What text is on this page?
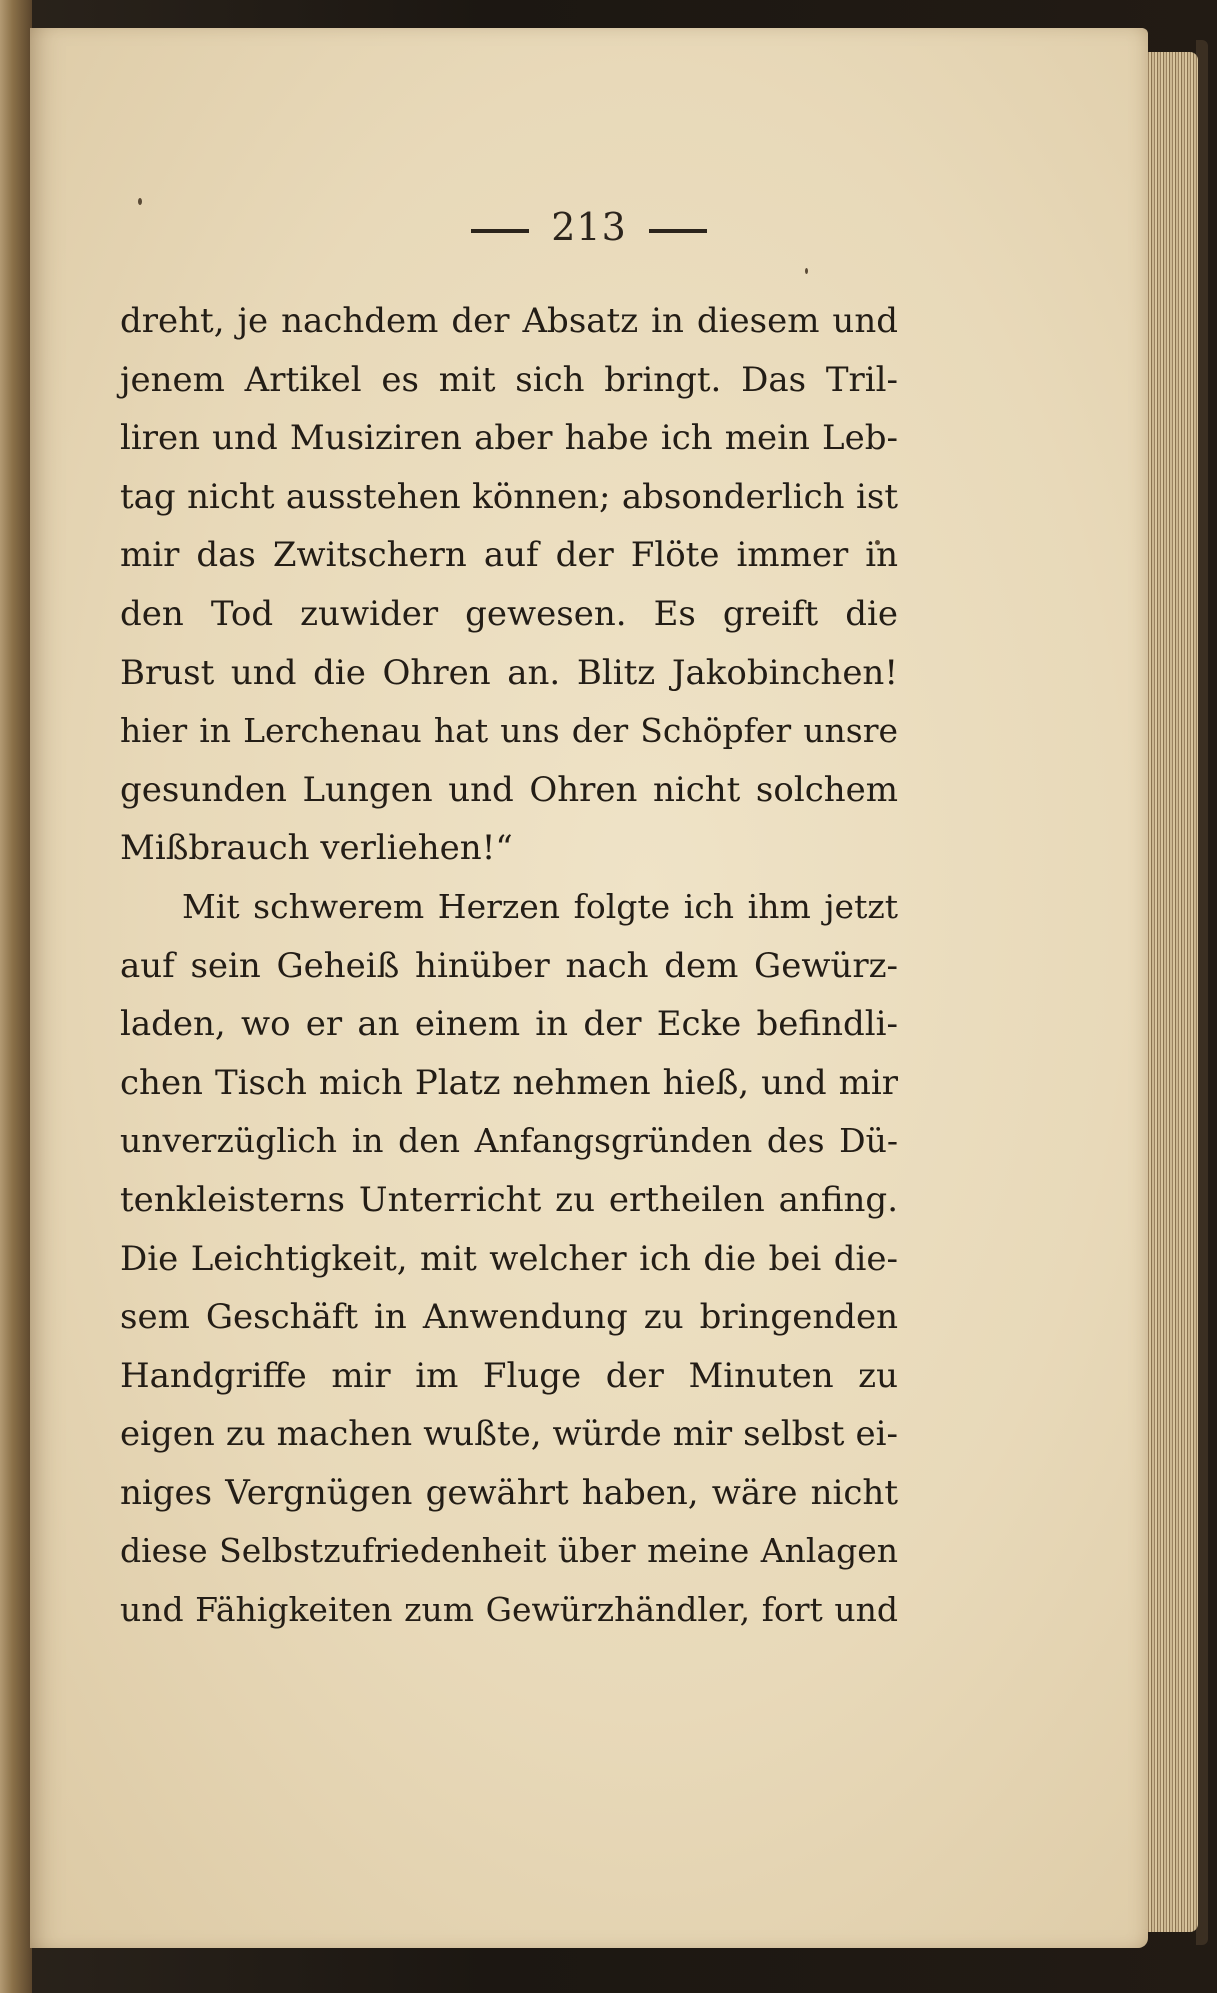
213
dreht, je nachdem der Absatz in diesem und
jenem Artikel es mit sich bringt. Das Tril-
liren und Musiziren aber habe ich mein Leb-
tag nicht ausstehen können; absonderlich ist
mir das Zwitschern auf der Flöte immer in
den Tod zuwider gewesen. Es greift die
Brust und die Ohren an. Blitz Jakobinchen!
hier in Lerchenau hat uns der Schöpfer unsre
gesunden Lungen und Ohren nicht solchem
Mißbrauch verliehen!“
Mit schwerem Herzen folgte ich ihm jetzt
auf sein Geheiß hinüber nach dem Gewürz-
laden, wo er an einem in der Ecke befindli-
chen Tisch mich Platz nehmen hieß, und mir
unverzüglich in den Anfangsgründen des Dü-
tenkleisterns Unterricht zu ertheilen anfing.
Die Leichtigkeit, mit welcher ich die bei die-
sem Geschäft in Anwendung zu bringenden
Handgriffe mir im Fluge der Minuten zu
eigen zu machen wußte, würde mir selbst ei-
niges Vergnügen gewährt haben, wäre nicht
diese Selbstzufriedenheit über meine Anlagen
und Fähigkeiten zum Gewürzhändler, fort und
